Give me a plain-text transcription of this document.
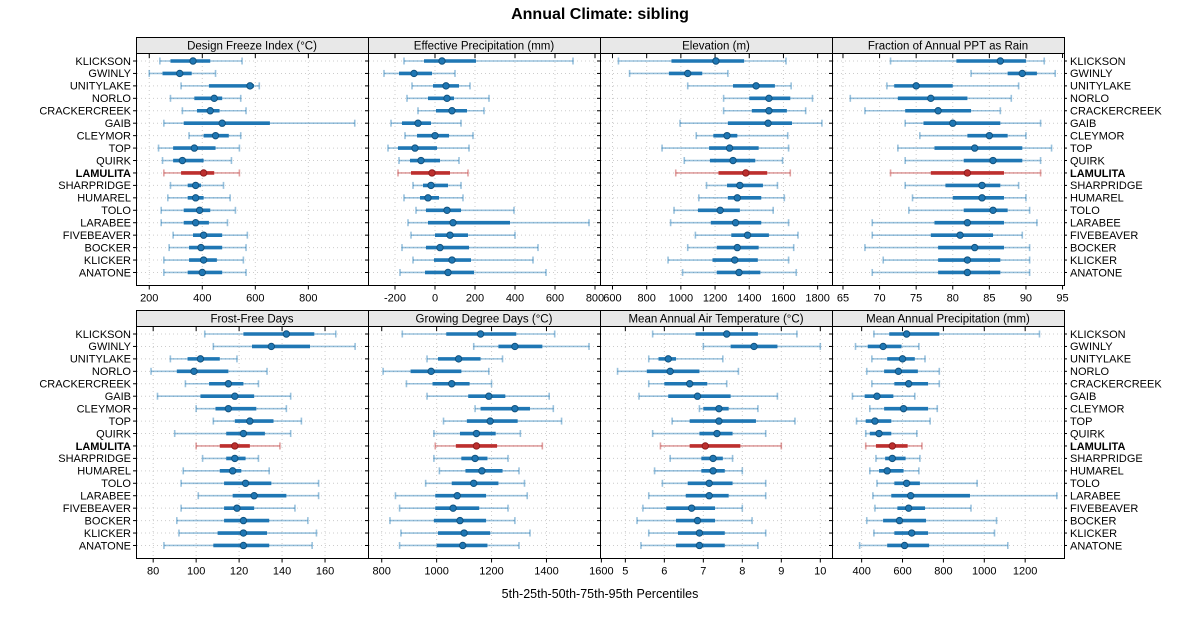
Annual Climate: sibling
200	400	600	800
Design Freeze Index (°C)
-200 0	200 400 600 800
Effective Precipitation (mm)
600 800 1000 1200 1400 1600 1800
Elevation (m)
65 70 75 80 85 90 95
Fraction of Annual PPT as Rain
80	100 120 140 160
Frost-Free Days
800	1000	1200	1400	1600
Growing Degree Days (°C)
5	6	7	8	9	10
Mean Annual Air Temperature (°C)
400 600 800 1000 1200
Mean Annual Precipitation (mm)
KLICKSON	KLICKSON
GWINLY	GWINLY
UNITYLAKE	UNITYLAKE
NORLO	NORLO
CRACKERCREEK	CRACKERCREEK
GAIB	GAIB
CLEYMOR	CLEYMOR
TOP	TOP
QUIRK	QUIRK
LAMULITA	LAMULITA
SHARPRIDGE	SHARPRIDGE
HUMAREL	HUMAREL
TOLO	TOLO
LARABEE	LARABEE
FIVEBEAVER	FIVEBEAVER
BOCKER	BOCKER
KLICKER	KLICKER
ANATONE	ANATONE
KLICKSON	KLICKSON
GWINLY	GWINLY
UNITYLAKE	UNITYLAKE
NORLO	NORLO
CRACKERCREEK	CRACKERCREEK
GAIB	GAIB
CLEYMOR	CLEYMOR
TOP	TOP
QUIRK	QUIRK
LAMULITA	LAMULITA
SHARPRIDGE	SHARPRIDGE
HUMAREL	HUMAREL
TOLO	TOLO
LARABEE	LARABEE
FIVEBEAVER	FIVEBEAVER
BOCKER	BOCKER
KLICKER	KLICKER
ANATONE	ANATONE
5th-25th-50th-75th-95th Percentiles
